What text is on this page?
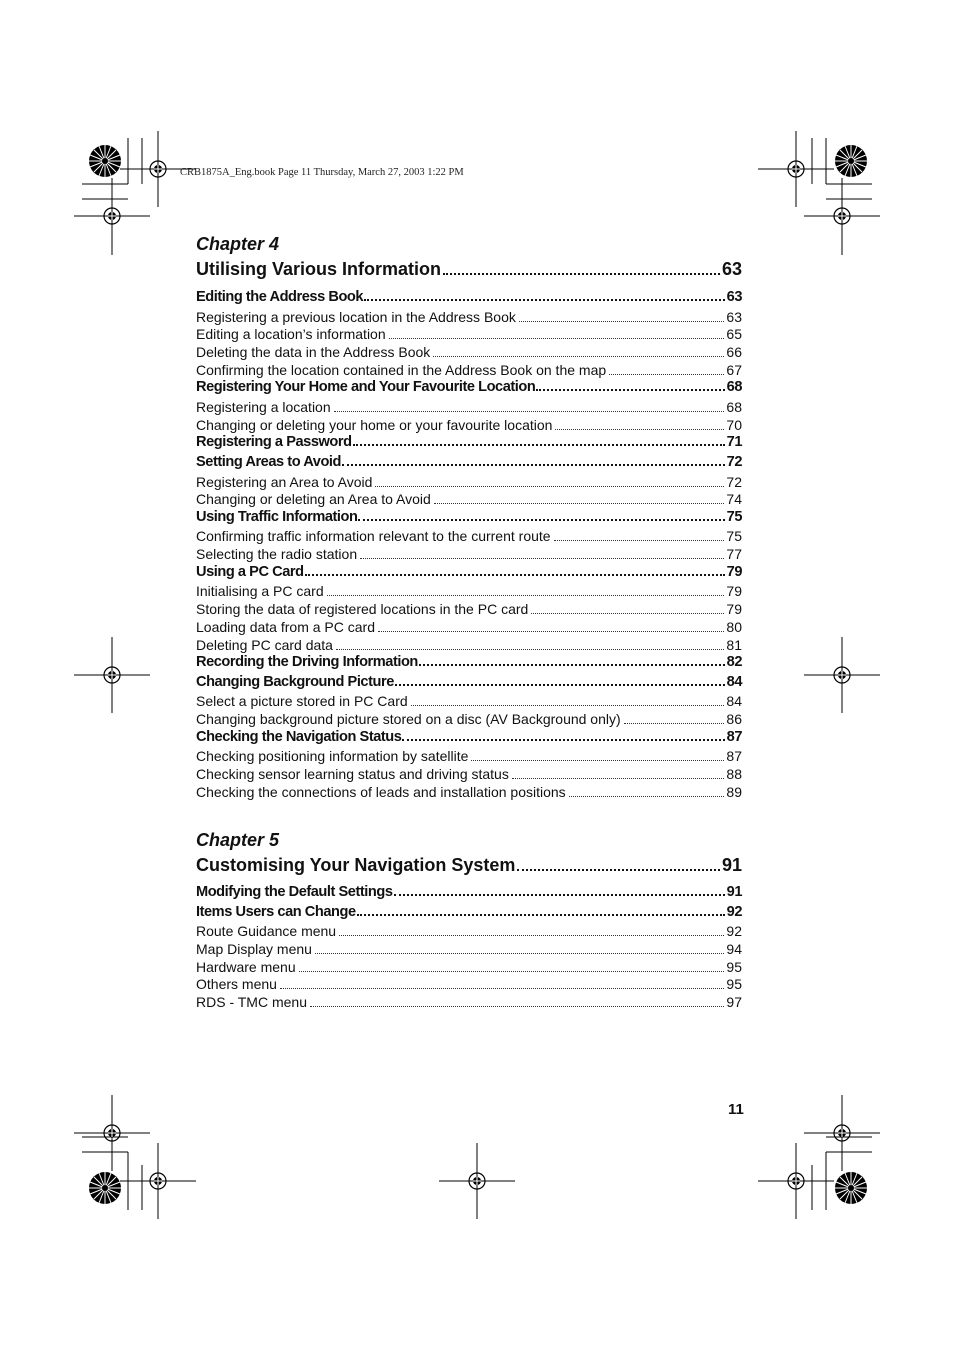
CRB1875A_Eng.book Page 11 Thursday, March 27, 2003 1:22 PM
Chapter 4
Utilising Various Information	63
Editing the Address Book	63
Registering a previous location in the Address Book	63
Editing a location’s information	65
Deleting the data in the Address Book	66
Confirming the location contained in the Address Book on the map	67
Registering Your Home and Your Favourite Location	68
Registering a location	68
Changing or deleting your home or your favourite location	70
Registering a Password	71
Setting Areas to Avoid	72
Registering an Area to Avoid	72
Changing or deleting an Area to Avoid	74
Using Traffic Information	75
Confirming traffic information relevant to the current route	75
Selecting the radio station	77
Using a PC Card	79
Initialising a PC card	79
Storing the data of registered locations in the PC card	79
Loading data from a PC card	80
Deleting PC card data	81
Recording the Driving Information	82
Changing Background Picture	84
Select a picture stored in PC Card	84
Changing background picture stored on a disc (AV Background only)	86
Checking the Navigation Status	87
Checking positioning information by satellite	87
Checking sensor learning status and driving status	88
Checking the connections of leads and installation positions	89
Chapter 5
Customising Your Navigation System	91
Modifying the Default Settings	91
Items Users can Change	92
Route Guidance menu	92
Map Display menu	94
Hardware menu	95
Others menu	95
RDS - TMC menu	97
11
